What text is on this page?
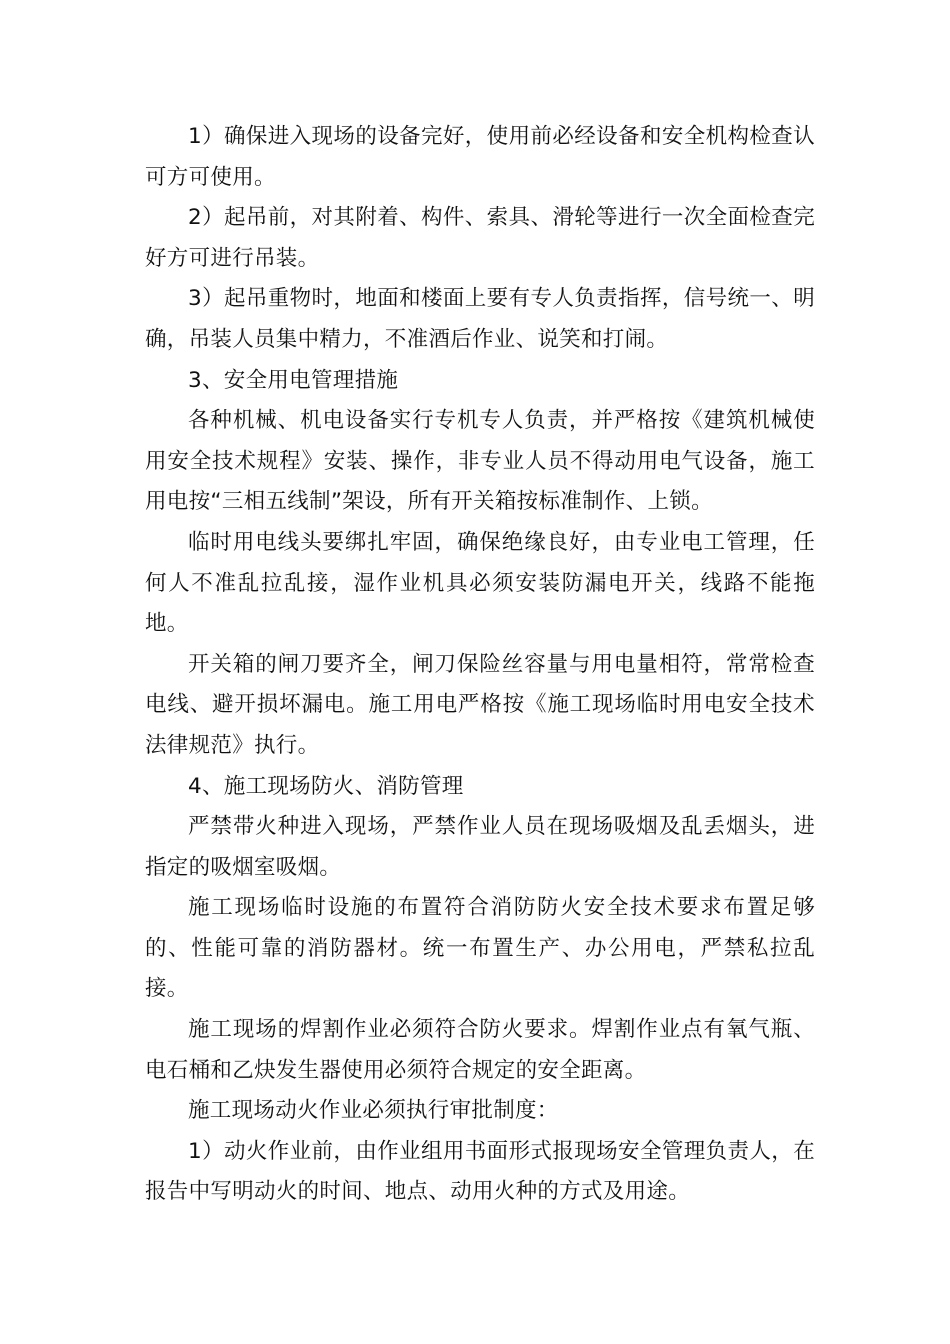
1）确保进入现场的设备完好，使用前必经设备和安全机构检查认可方可使用。

2）起吊前，对其附着、构件、索具、滑轮等进行一次全面检查完好方可进行吊装。

3）起吊重物时，地面和楼面上要有专人负责指挥，信号统一、明确，吊装人员集中精力，不准酒后作业、说笑和打闹。

3、安全用电管理措施

各种机械、机电设备实行专机专人负责，并严格按《建筑机械使用安全技术规程》安装、操作，非专业人员不得动用电气设备，施工用电按“三相五线制”架设，所有开关箱按标准制作、上锁。

临时用电线头要绑扎牢固，确保绝缘良好，由专业电工管理，任何人不准乱拉乱接，湿作业机具必须安装防漏电开关，线路不能拖地。

开关箱的闸刀要齐全，闸刀保险丝容量与用电量相符，常常检查电线、避开损坏漏电。施工用电严格按《施工现场临时用电安全技术法律规范》执行。

4、施工现场防火、消防管理

严禁带火种进入现场，严禁作业人员在现场吸烟及乱丢烟头，进指定的吸烟室吸烟。

施工现场临时设施的布置符合消防防火安全技术要求布置足够的、性能可靠的消防器材。统一布置生产、办公用电，严禁私拉乱接。

施工现场的焊割作业必须符合防火要求。焊割作业点有氧气瓶、电石桶和乙炔发生器使用必须符合规定的安全距离。

施工现场动火作业必须执行审批制度：

1）动火作业前，由作业组用书面形式报现场安全管理负责人，在报告中写明动火的时间、地点、动用火种的方式及用途。
